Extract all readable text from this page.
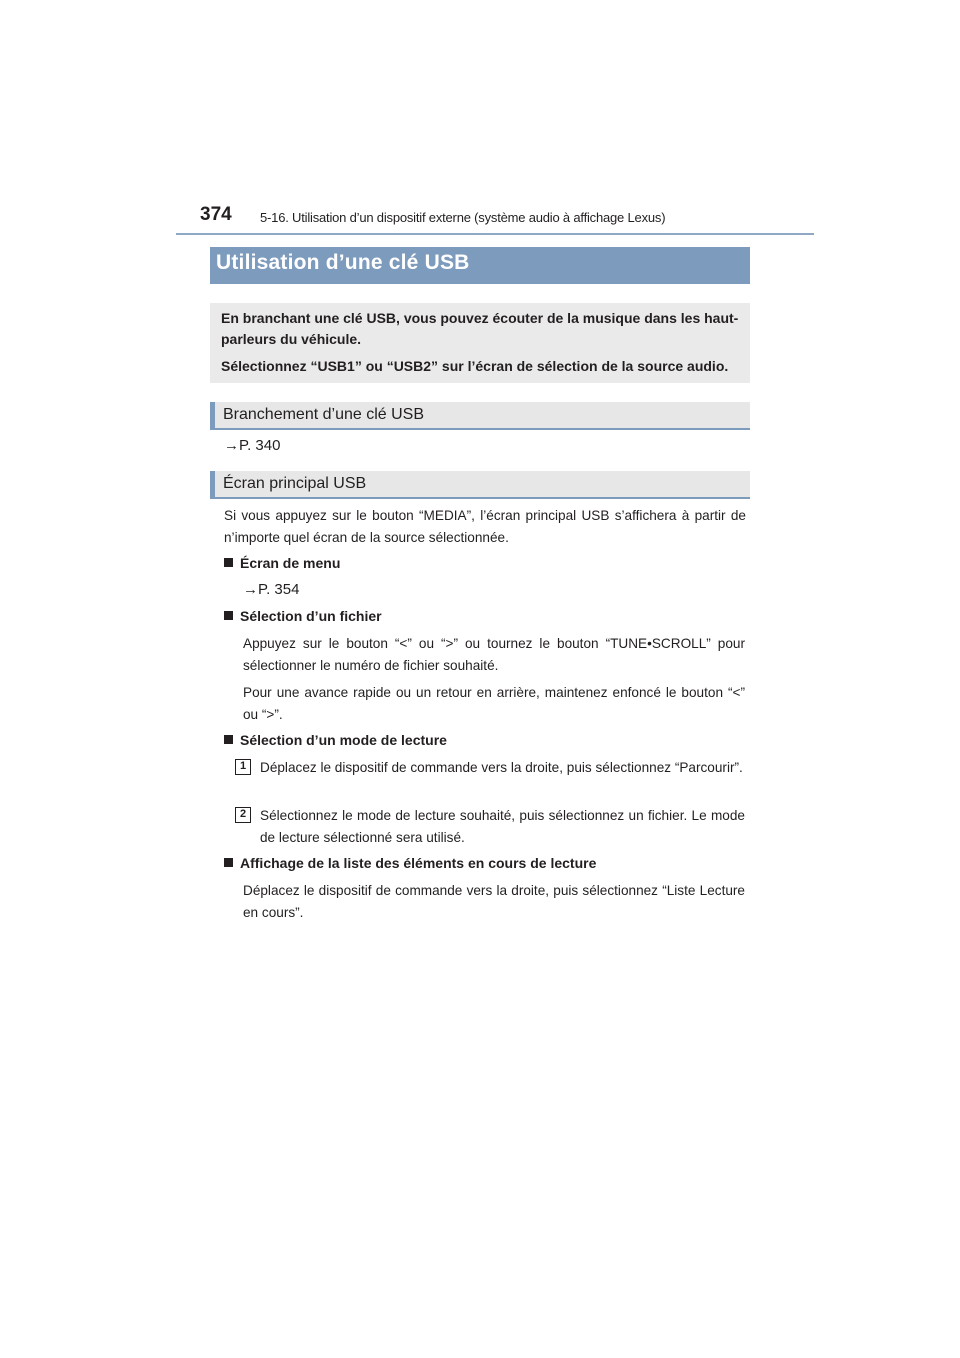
374 5-16. Utilisation d’un dispositif externe (système audio à affichage Lexus)
Utilisation d’une clé USB

En branchant une clé USB, vous pouvez écouter de la musique dans les haut-parleurs du véhicule.

Sélectionnez “USB1” ou “USB2” sur l’écran de sélection de la source audio.

Branchement d’une clé USB
→P. 340
Écran principal USB

Si vous appuyez sur le bouton “MEDIA”, l’écran principal USB s’affichera à partir de n’importe quel écran de la source sélectionnée.

Écran de menu
→P. 354
Sélection d’un fichier

Appuyez sur le bouton “<” ou “>” ou tournez le bouton “TUNE•SCROLL” pour sélectionner le numéro de fichier souhaité.

Pour une avance rapide ou un retour en arrière, maintenez enfoncé le bouton “<” ou “>”.

Sélection d’un mode de lecture
1	Déplacez le dispositif de commande vers la droite, puis sélectionnez “Parcourir”.

2	Sélectionnez le mode de lecture souhaité, puis sélectionnez un fichier. Le mode de lecture sélectionné sera utilisé.

Affichage de la liste des éléments en cours de lecture

Déplacez le dispositif de commande vers la droite, puis sélectionnez “Liste Lecture en cours”.
